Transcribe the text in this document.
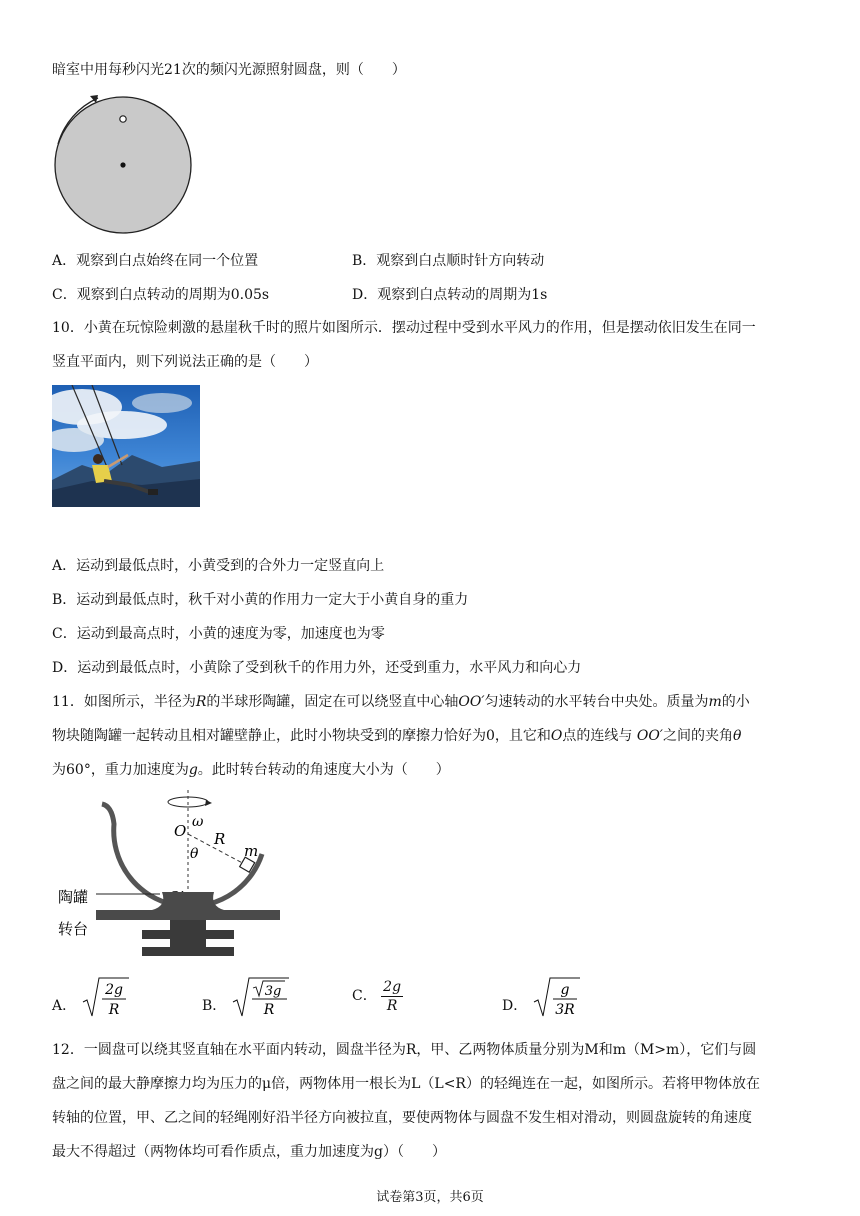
暗室中用每秒闪光21次的频闪光源照射圆盘，则（　　）
A．观察到白点始终在同一个位置	B．观察到白点顺时针方向转动
C．观察到白点转动的周期为0.05s	D．观察到白点转动的周期为1s
10．小黄在玩惊险刺激的悬崖秋千时的照片如图所示．摆动过程中受到水平风力的作用，但是摆动依旧发生在同一
竖直平面内，则下列说法正确的是（　　）
A．运动到最低点时，小黄受到的合外力一定竖直向上
B．运动到最低点时，秋千对小黄的作用力一定大于小黄自身的重力
C．运动到最高点时，小黄的速度为零，加速度也为零
D．运动到最低点时，小黄除了受到秋千的作用力外，还受到重力，水平风力和向心力
11．如图所示，半径为R的半球形陶罐，固定在可以绕竖直中心轴OO′匀速转动的水平转台中央处。质量为m的小
物块随陶罐一起转动且相对罐壁静止，此时小物块受到的摩擦力恰好为0，且它和O点的连线与 OO′之间的夹角θ
为60°，重力加速度为g。此时转台转动的角速度大小为（　　）
ω
O R
θ	m
陶罐
转台
A．
2g
R	B．
3g
R
C． $\frac{2g}{R}$	D．
g
3R
12．一圆盘可以绕其竖直轴在水平面内转动，圆盘半径为R，甲、乙两物体质量分别为M和m（M>m），它们与圆
盘之间的最大静摩擦力均为压力的μ倍，两物体用一根长为L（L<R）的轻绳连在一起，如图所示。若将甲物体放在
转轴的位置，甲、乙之间的轻绳刚好沿半径方向被拉直，要使两物体与圆盘不发生相对滑动，则圆盘旋转的角速度
最大不得超过（两物体均可看作质点，重力加速度为g）（　　）
试卷第3页，共6页
